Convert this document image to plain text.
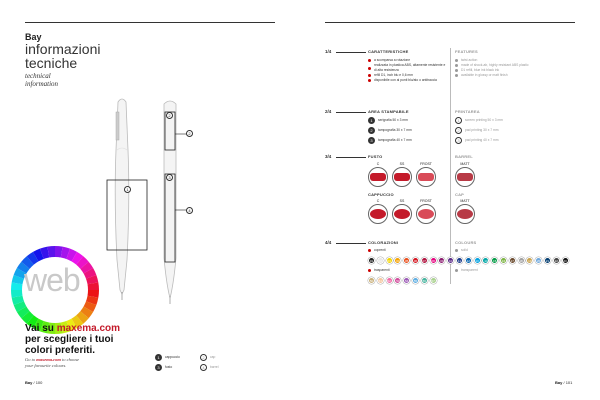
Bay
informazioni
tecniche
technical
information
1
2
3
2
4
web
Vai su maxema.com
per scegliere i tuoi
colori preferiti.
Go to maxema.com to choose
your favourite colours.
1	cappuccio	2	cap
3	fusto	4	barrel
Bay / 100
1/4	CARATTERISTICHE	FEATURES
a scomparsa a rotazione
realizzata in plastica ABS, altamente resistente e di alta resistenza
refill D1, inch blu e 0,6 mm
disponibile con ai punti blu/ato o antitraccia
twist action
made of shock-ab, highly resistant ABS plastic
D1 refill, blue ink black ink
available in glossy or matt finish
2/4	AREA STAMPABILE	PRINTAREA
1	serigrafia 50 x 3 mm
2	tampografia 30 x 7 mm
3	tampografia 40 x 7 mm
1	screen printing 50 x 3 mm
2	pad printing 30 x 7 mm
3	pad printing 40 x 7 mm
3/4	FUSTO	BARREL
C	SS	FROST	MATT
CAPPUCCIO	CAP
C	SS	FROST	MATT
4/4	COLORAZIONI	COLOURS
coprenti	solid
01	02	03	04	05	06	07	08	09	10	11	12	13	14	15	16	17	18	19	20	21	22	23
trasparenti	transparent
50	51	52	53	54	55	56	57
Bay / 101
